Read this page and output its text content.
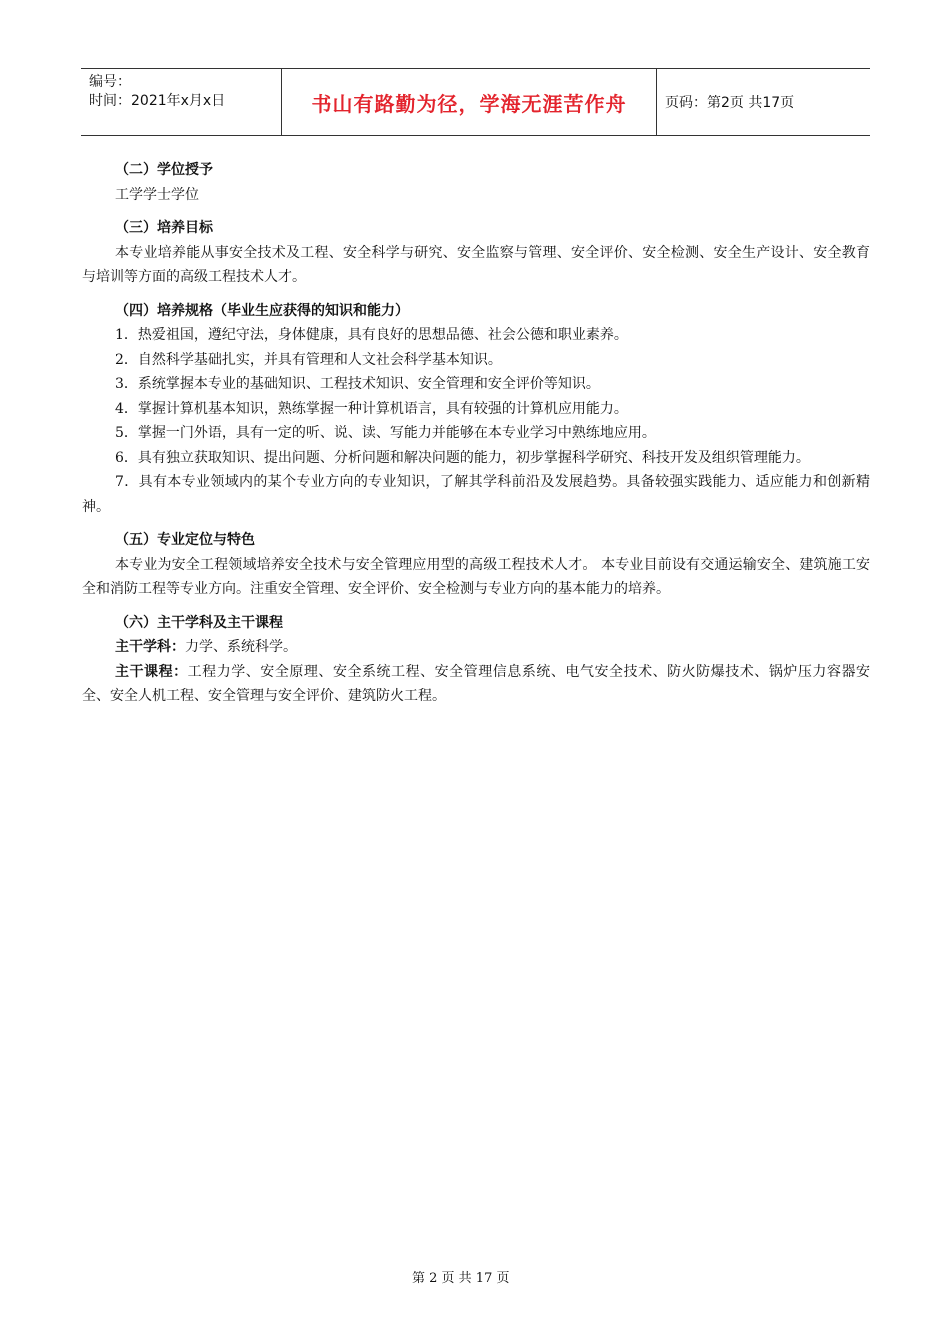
编号：
时间：2021年x月x日	书山有路勤为径，学海无涯苦作舟	页码：第2页 共17页
（二）学位授予

工学学士学位

（三）培养目标

本专业培养能从事安全技术及工程、安全科学与研究、安全监察与管理、安全评价、安全检测、安全生产设计、安全教育与培训等方面的高级工程技术人才。

（四）培养规格（毕业生应获得的知识和能力）

1．热爱祖国，遵纪守法，身体健康，具有良好的思想品德、社会公德和职业素养。

2．自然科学基础扎实，并具有管理和人文社会科学基本知识。

3．系统掌握本专业的基础知识、工程技术知识、安全管理和安全评价等知识。

4．掌握计算机基本知识，熟练掌握一种计算机语言，具有较强的计算机应用能力。

5．掌握一门外语，具有一定的听、说、读、写能力并能够在本专业学习中熟练地应用。

6．具有独立获取知识、提出问题、分析问题和解决问题的能力，初步掌握科学研究、科技开发及组织管理能力。

7．具有本专业领域内的某个专业方向的专业知识，了解其学科前沿及发展趋势。具备较强实践能力、适应能力和创新精神。

（五）专业定位与特色

本专业为安全工程领域培养安全技术与安全管理应用型的高级工程技术人才。 本专业目前设有交通运输安全、建筑施工安全和消防工程等专业方向。注重安全管理、安全评价、安全检测与专业方向的基本能力的培养。

（六）主干学科及主干课程

主干学科：力学、系统科学。

主干课程：工程力学、安全原理、安全系统工程、安全管理信息系统、电气安全技术、防火防爆技术、锅炉压力容器安全、安全人机工程、安全管理与安全评价、建筑防火工程。

第 2 页 共 17 页
